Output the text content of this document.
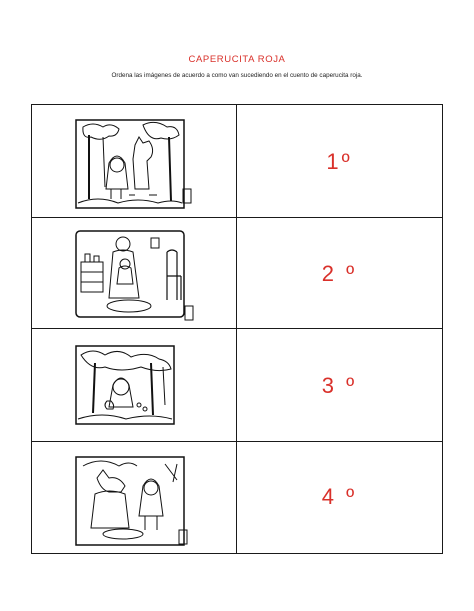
CAPERUCITA ROJA
Ordena las imágenes de acuerdo a como van sucediendo en el cuento de caperucita roja.
1º
2 º
3 º
4 º
